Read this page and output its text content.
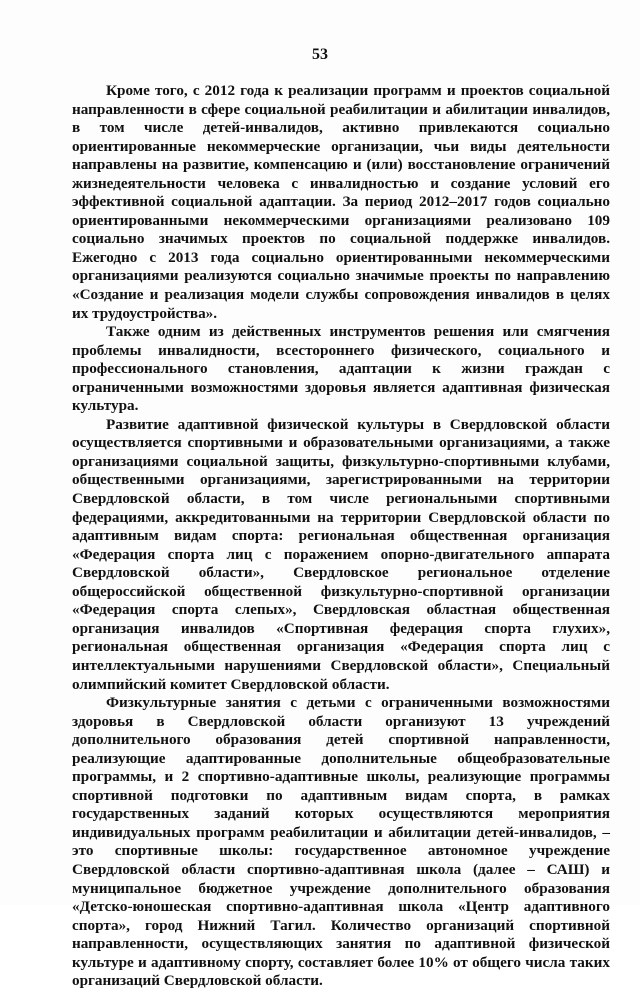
53

Кроме того, с 2012 года к реализации программ и проектов социальной направленности в сфере социальной реабилитации и абилитации инвалидов, в том числе детей-инвалидов, активно привлекаются социально ориентированные некоммерческие организации, чьи виды деятельности направлены на развитие, компенсацию и (или) восстановление ограничений жизнедеятельности человека с инвалидностью и создание условий его эффективной социальной адаптации. За период 2012–2017 годов социально ориентированными некоммерческими организациями реализовано 109 социально значимых проектов по социальной поддержке инвалидов. Ежегодно с 2013 года социально ориентированными некоммерческими организациями реализуются социально значимые проекты по направлению «Создание и реализация модели службы сопровождения инвалидов в целях их трудоустройства».

Также одним из действенных инструментов решения или смягчения проблемы инвалидности, всестороннего физического, социального и профессионального становления, адаптации к жизни граждан с ограниченными возможностями здоровья является адаптивная физическая культура.

Развитие адаптивной физической культуры в Свердловской области осуществляется спортивными и образовательными организациями, а также организациями социальной защиты, физкультурно-спортивными клубами, общественными организациями, зарегистрированными на территории Свердловской области, в том числе региональными спортивными федерациями, аккредитованными на территории Свердловской области по адаптивным видам спорта: региональная общественная организация «Федерация спорта лиц с поражением опорно-двигательного аппарата Свердловской области», Свердловское региональное отделение общероссийской общественной физкультурно-спортивной организации «Федерация спорта слепых», Свердловская областная общественная организация инвалидов «Спортивная федерация спорта глухих», региональная общественная организация «Федерация спорта лиц с интеллектуальными нарушениями Свердловской области», Специальный олимпийский комитет Свердловской области.

Физкультурные занятия с детьми с ограниченными возможностями здоровья в Свердловской области организуют 13 учреждений дополнительного образования детей спортивной направленности, реализующие адаптированные дополнительные общеобразовательные программы, и 2 спортивно-адаптивные школы, реализующие программы спортивной подготовки по адаптивным видам спорта, в рамках государственных заданий которых осуществляются мероприятия индивидуальных программ реабилитации и абилитации детей-инвалидов, – это спортивные школы: государственное автономное учреждение Свердловской области спортивно-адаптивная школа (далее – САШ) и муниципальное бюджетное учреждение дополнительного образования «Детско-юношеская спортивно-адаптивная школа «Центр адаптивного спорта», город Нижний Тагил. Количество организаций спортивной направленности, осуществляющих занятия по адаптивной физической культуре и адаптивному спорту, составляет более 10% от общего числа таких организаций Свердловской области.
